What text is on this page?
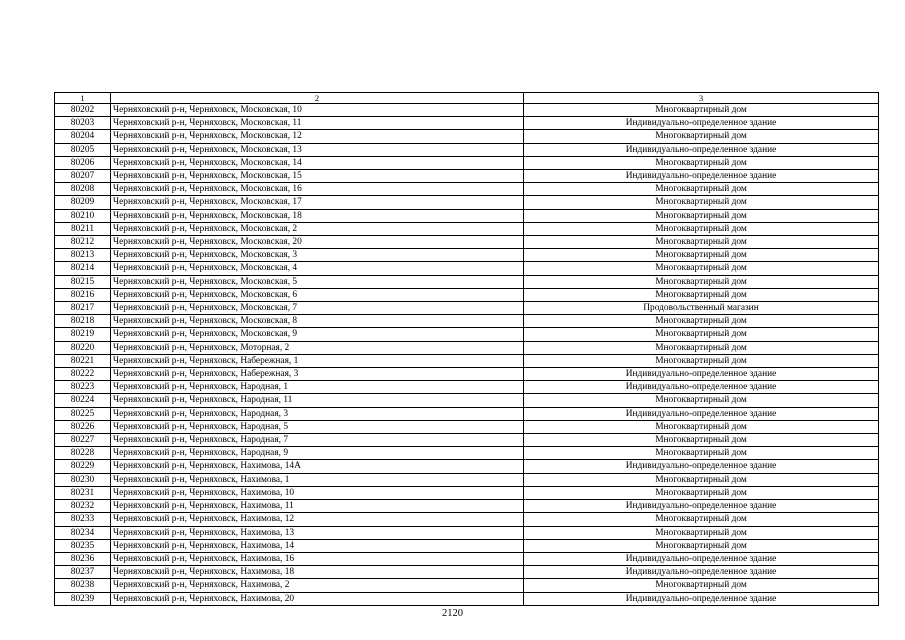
1	2	3
80202	Черняховский р-н, Черняховск, Московская, 10	Многоквартирный дом
80203	Черняховский р-н, Черняховск, Московская, 11	Индивидуально-определенное здание
80204	Черняховский р-н, Черняховск, Московская, 12	Многоквартирный дом
80205	Черняховский р-н, Черняховск, Московская, 13	Индивидуально-определенное здание
80206	Черняховский р-н, Черняховск, Московская, 14	Многоквартирный дом
80207	Черняховский р-н, Черняховск, Московская, 15	Индивидуально-определенное здание
80208	Черняховский р-н, Черняховск, Московская, 16	Многоквартирный дом
80209	Черняховский р-н, Черняховск, Московская, 17	Многоквартирный дом
80210	Черняховский р-н, Черняховск, Московская, 18	Многоквартирный дом
80211	Черняховский р-н, Черняховск, Московская, 2	Многоквартирный дом
80212	Черняховский р-н, Черняховск, Московская, 20	Многоквартирный дом
80213	Черняховский р-н, Черняховск, Московская, 3	Многоквартирный дом
80214	Черняховский р-н, Черняховск, Московская, 4	Многоквартирный дом
80215	Черняховский р-н, Черняховск, Московская, 5	Многоквартирный дом
80216	Черняховский р-н, Черняховск, Московская, 6	Многоквартирный дом
80217	Черняховский р-н, Черняховск, Московская, 7	Продовольственный магазин
80218	Черняховский р-н, Черняховск, Московская, 8	Многоквартирный дом
80219	Черняховский р-н, Черняховск, Московская, 9	Многоквартирный дом
80220	Черняховский р-н, Черняховск, Моторная, 2	Многоквартирный дом
80221	Черняховский р-н, Черняховск, Набережная, 1	Многоквартирный дом
80222	Черняховский р-н, Черняховск, Набережная, 3	Индивидуально-определенное здание
80223	Черняховский р-н, Черняховск, Народная, 1	Индивидуально-определенное здание
80224	Черняховский р-н, Черняховск, Народная, 11	Многоквартирный дом
80225	Черняховский р-н, Черняховск, Народная, 3	Индивидуально-определенное здание
80226	Черняховский р-н, Черняховск, Народная, 5	Многоквартирный дом
80227	Черняховский р-н, Черняховск, Народная, 7	Многоквартирный дом
80228	Черняховский р-н, Черняховск, Народная, 9	Многоквартирный дом
80229	Черняховский р-н, Черняховск, Нахимова, 14А	Индивидуально-определенное здание
80230	Черняховский р-н, Черняховск, Нахимова, 1	Многоквартирный дом
80231	Черняховский р-н, Черняховск, Нахимова, 10	Многоквартирный дом
80232	Черняховский р-н, Черняховск, Нахимова, 11	Индивидуально-определенное здание
80233	Черняховский р-н, Черняховск, Нахимова, 12	Многоквартирный дом
80234	Черняховский р-н, Черняховск, Нахимова, 13	Многоквартирный дом
80235	Черняховский р-н, Черняховск, Нахимова, 14	Многоквартирный дом
80236	Черняховский р-н, Черняховск, Нахимова, 16	Индивидуально-определенное здание
80237	Черняховский р-н, Черняховск, Нахимова, 18	Индивидуально-определенное здание
80238	Черняховский р-н, Черняховск, Нахимова, 2	Многоквартирный дом
80239	Черняховский р-н, Черняховск, Нахимова, 20	Индивидуально-определенное здание
2120
